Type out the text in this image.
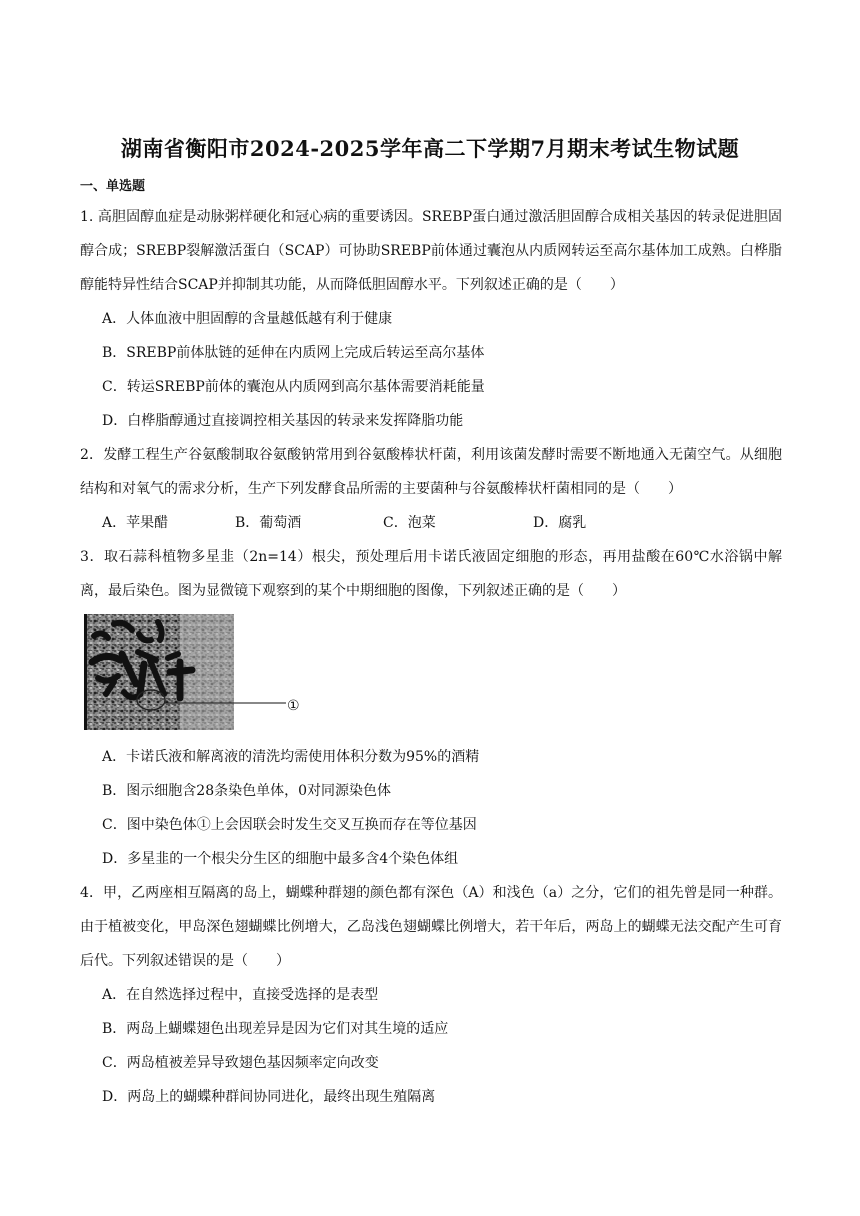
湖南省衡阳市2024-2025学年高二下学期7月期末考试生物试题
一、单选题

1. 高胆固醇血症是动脉粥样硬化和冠心病的重要诱因。SREBP蛋白通过激活胆固醇合成相关基因的转录促进胆固醇合成；SREBP裂解激活蛋白（SCAP）可协助SREBP前体通过囊泡从内质网转运至高尔基体加工成熟。白桦脂醇能特异性结合SCAP并抑制其功能，从而降低胆固醇水平。下列叙述正确的是（　　）

A．人体血液中胆固醇的含量越低越有利于健康

B．SREBP前体肽链的延伸在内质网上完成后转运至高尔基体

C．转运SREBP前体的囊泡从内质网到高尔基体需要消耗能量

D．白桦脂醇通过直接调控相关基因的转录来发挥降脂功能

2．发酵工程生产谷氨酸制取谷氨酸钠常用到谷氨酸棒状杆菌，利用该菌发酵时需要不断地通入无菌空气。从细胞结构和对氧气的需求分析，生产下列发酵食品所需的主要菌种与谷氨酸棒状杆菌相同的是（　　）

A．苹果醋	B．葡萄酒	C．泡菜	D．腐乳

3．取石蒜科植物多星韭（2n=14）根尖，预处理后用卡诺氏液固定细胞的形态，再用盐酸在60℃水浴锅中解离，最后染色。图为显微镜下观察到的某个中期细胞的图像，下列叙述正确的是（　　）

①

A．卡诺氏液和解离液的清洗均需使用体积分数为95%的酒精

B．图示细胞含28条染色单体，0对同源染色体

C．图中染色体①上会因联会时发生交叉互换而存在等位基因

D．多星韭的一个根尖分生区的细胞中最多含4个染色体组

4．甲，乙两座相互隔离的岛上，蝴蝶种群翅的颜色都有深色（A）和浅色（a）之分，它们的祖先曾是同一种群。由于植被变化，甲岛深色翅蝴蝶比例增大，乙岛浅色翅蝴蝶比例增大，若干年后，两岛上的蝴蝶无法交配产生可育后代。下列叙述错误的是（　　）

A．在自然选择过程中，直接受选择的是表型

B．两岛上蝴蝶翅色出现差异是因为它们对其生境的适应

C．两岛植被差异导致翅色基因频率定向改变

D．两岛上的蝴蝶种群间协同进化，最终出现生殖隔离
